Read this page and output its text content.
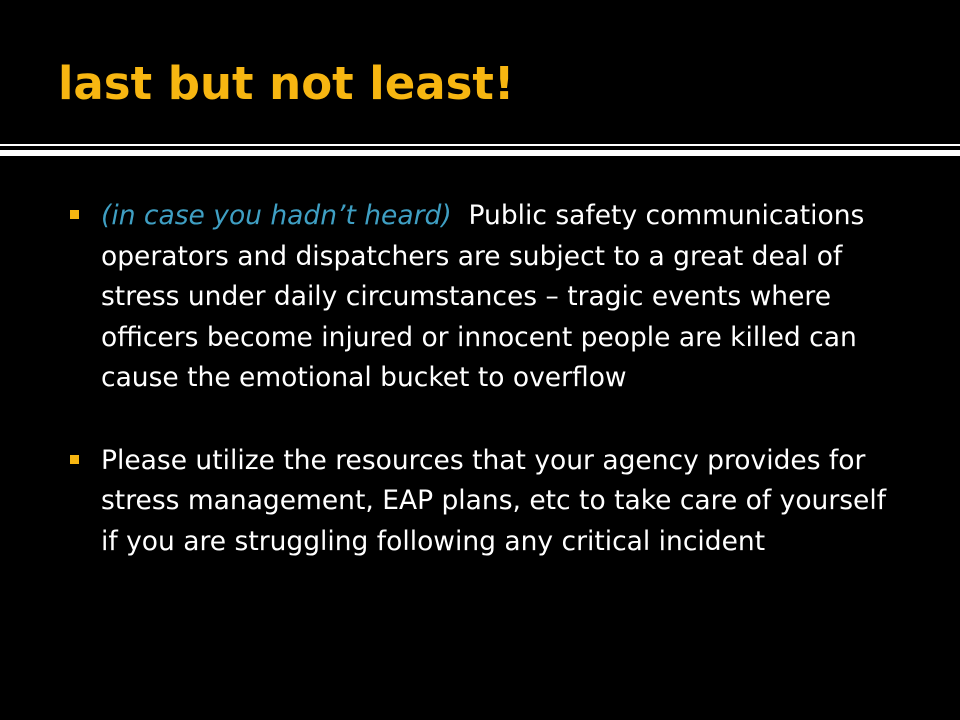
last but not least!
(in case you hadn’t heard) Public safety communications operators and dispatchers are subject to a great deal of stress under daily circumstances – tragic events where officers become injured or innocent people are killed can cause the emotional bucket to overflow
Please utilize the resources that your agency provides for stress management, EAP plans, etc to take care of yourself if you are struggling following any critical incident
